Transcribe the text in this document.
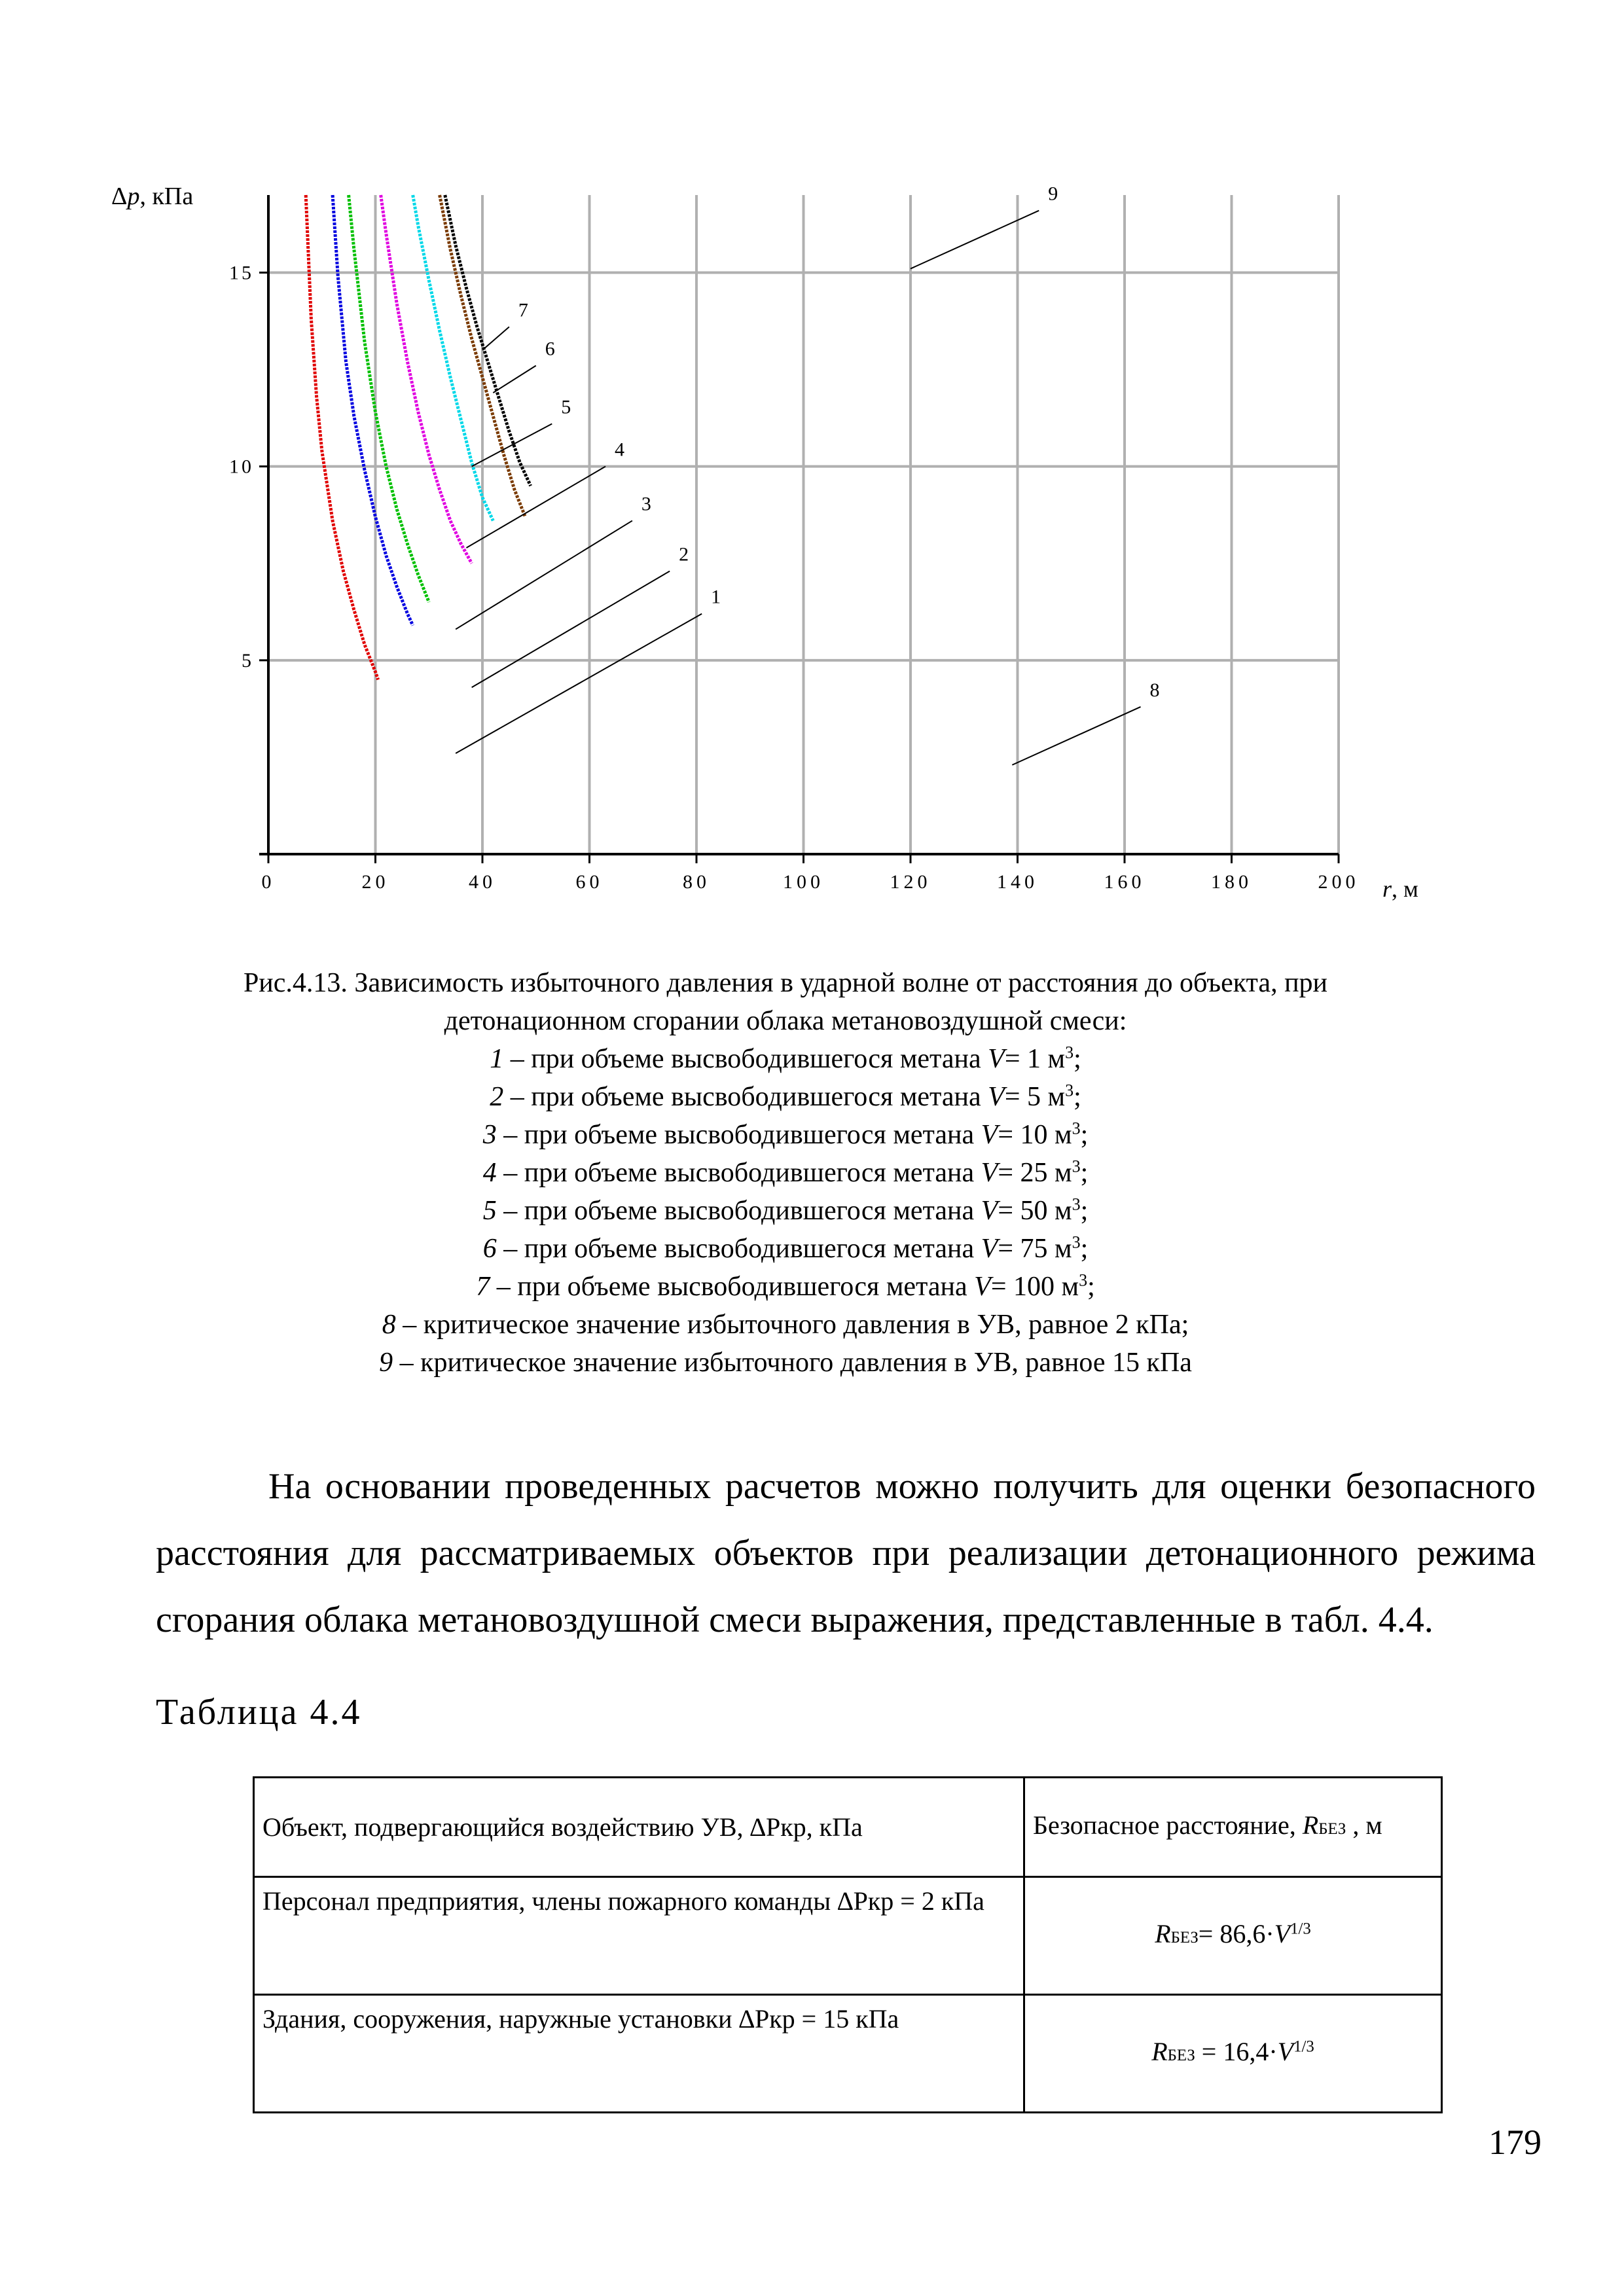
0	20	40	60	80	100	120	140	160	180	200
5
10
15
1
2
3
4
5
6
7
9
8
Δp, кПа
r, м
Рис.4.13. Зависимость избыточного давления в ударной волне от расстояния до объекта, при
детонационном сгорании облака метановоздушной смеси:
1 – при объеме высвободившегося метана V= 1 $м^3$;
2 – при объеме высвободившегося метана V= 5 $м^3$;
3 – при объеме высвободившегося метана V= 10 $м^3$;
4 – при объеме высвободившегося метана V= 25 $м^3$;
5 – при объеме высвободившегося метана V= 50 $м^3$;
6 – при объеме высвободившегося метана V= 75 $м^3$;
7 – при объеме высвободившегося метана V= 100 $м^3$;
8 – критическое значение избыточного давления в УВ, равное 2 кПа;
9 – критическое значение избыточного давления в УВ, равное 15 кПа

На основании проведенных расчетов можно получить для оценки безопасного расстояния для рассматриваемых объектов при реализации детонационного режима сгорания облака метановоздушной смеси выражения, представленные в табл. 4.4.

Таблица 4.4
Объект, подвергающийся воздействию УВ, ∆Pкр, кПа	Безопасное расстояние, RБЕЗ , м
Персонал предприятия, члены пожарного команды ∆Pкр = 2 кПа	RБЕЗ= $86,6\cdot V^{1/3}$
Здания, сооружения, наружные установки ∆Pкр = 15 кПа	RБЕЗ = $16,4\cdot V^{1/3}$
179
